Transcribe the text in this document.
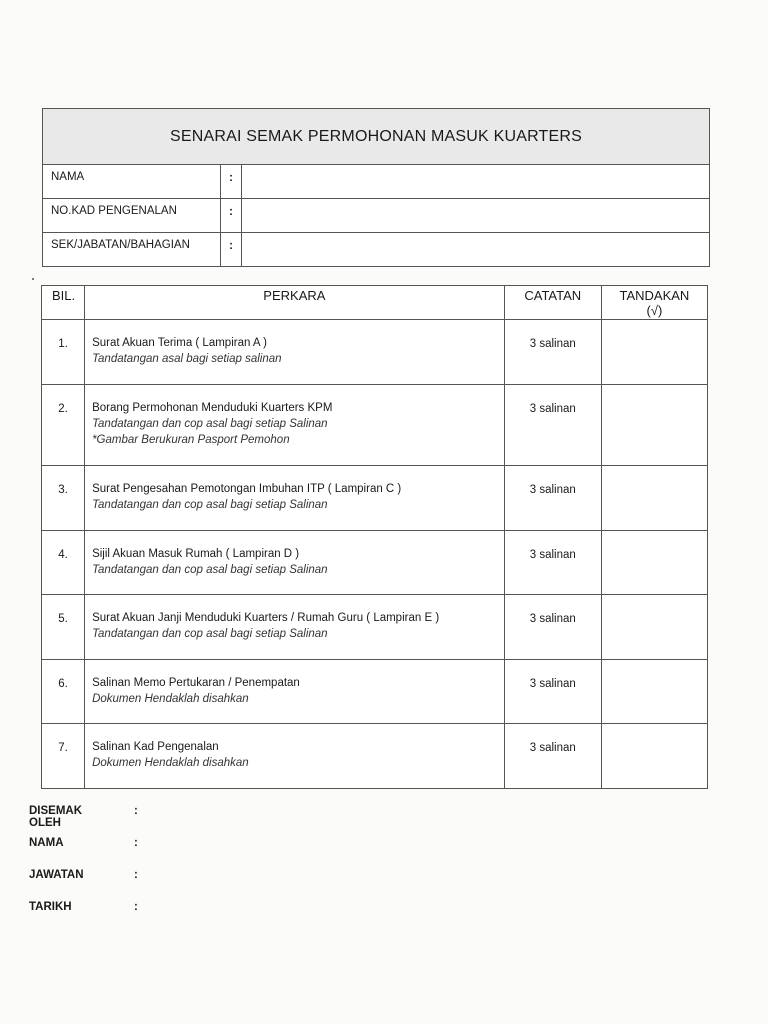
SENARAI SEMAK PERMOHONAN MASUK KUARTERS
NAMA	:
NO.KAD PENGENALAN	:
SEK/JABATAN/BAHAGIAN	:
BIL.	PERKARA	CATATAN	TANDAKAN
(√)
1.	Surat Akuan Terima ( Lampiran A )
Tandatangan asal bagi setiap salinan	3 salinan	
2.	Borang Permohonan Menduduki Kuarters KPM
Tandatangan dan cop asal bagi setiap Salinan
*Gambar Berukuran Pasport Pemohon	3 salinan	
3.	Surat Pengesahan Pemotongan Imbuhan ITP ( Lampiran C )
Tandatangan dan cop asal bagi setiap Salinan	3 salinan	
4.	Sijil Akuan Masuk Rumah ( Lampiran D )
Tandatangan dan cop asal bagi setiap Salinan	3 salinan	
5.	Surat Akuan Janji Menduduki Kuarters / Rumah Guru ( Lampiran E )
Tandatangan dan cop asal bagi setiap Salinan	3 salinan	
6.	Salinan Memo Pertukaran / Penempatan
Dokumen Hendaklah disahkan	3 salinan	
7.	Salinan Kad Pengenalan
Dokumen Hendaklah disahkan	3 salinan	
DISEMAK OLEH
:
NAMA	:
JAWATAN	:
TARIKH	:
